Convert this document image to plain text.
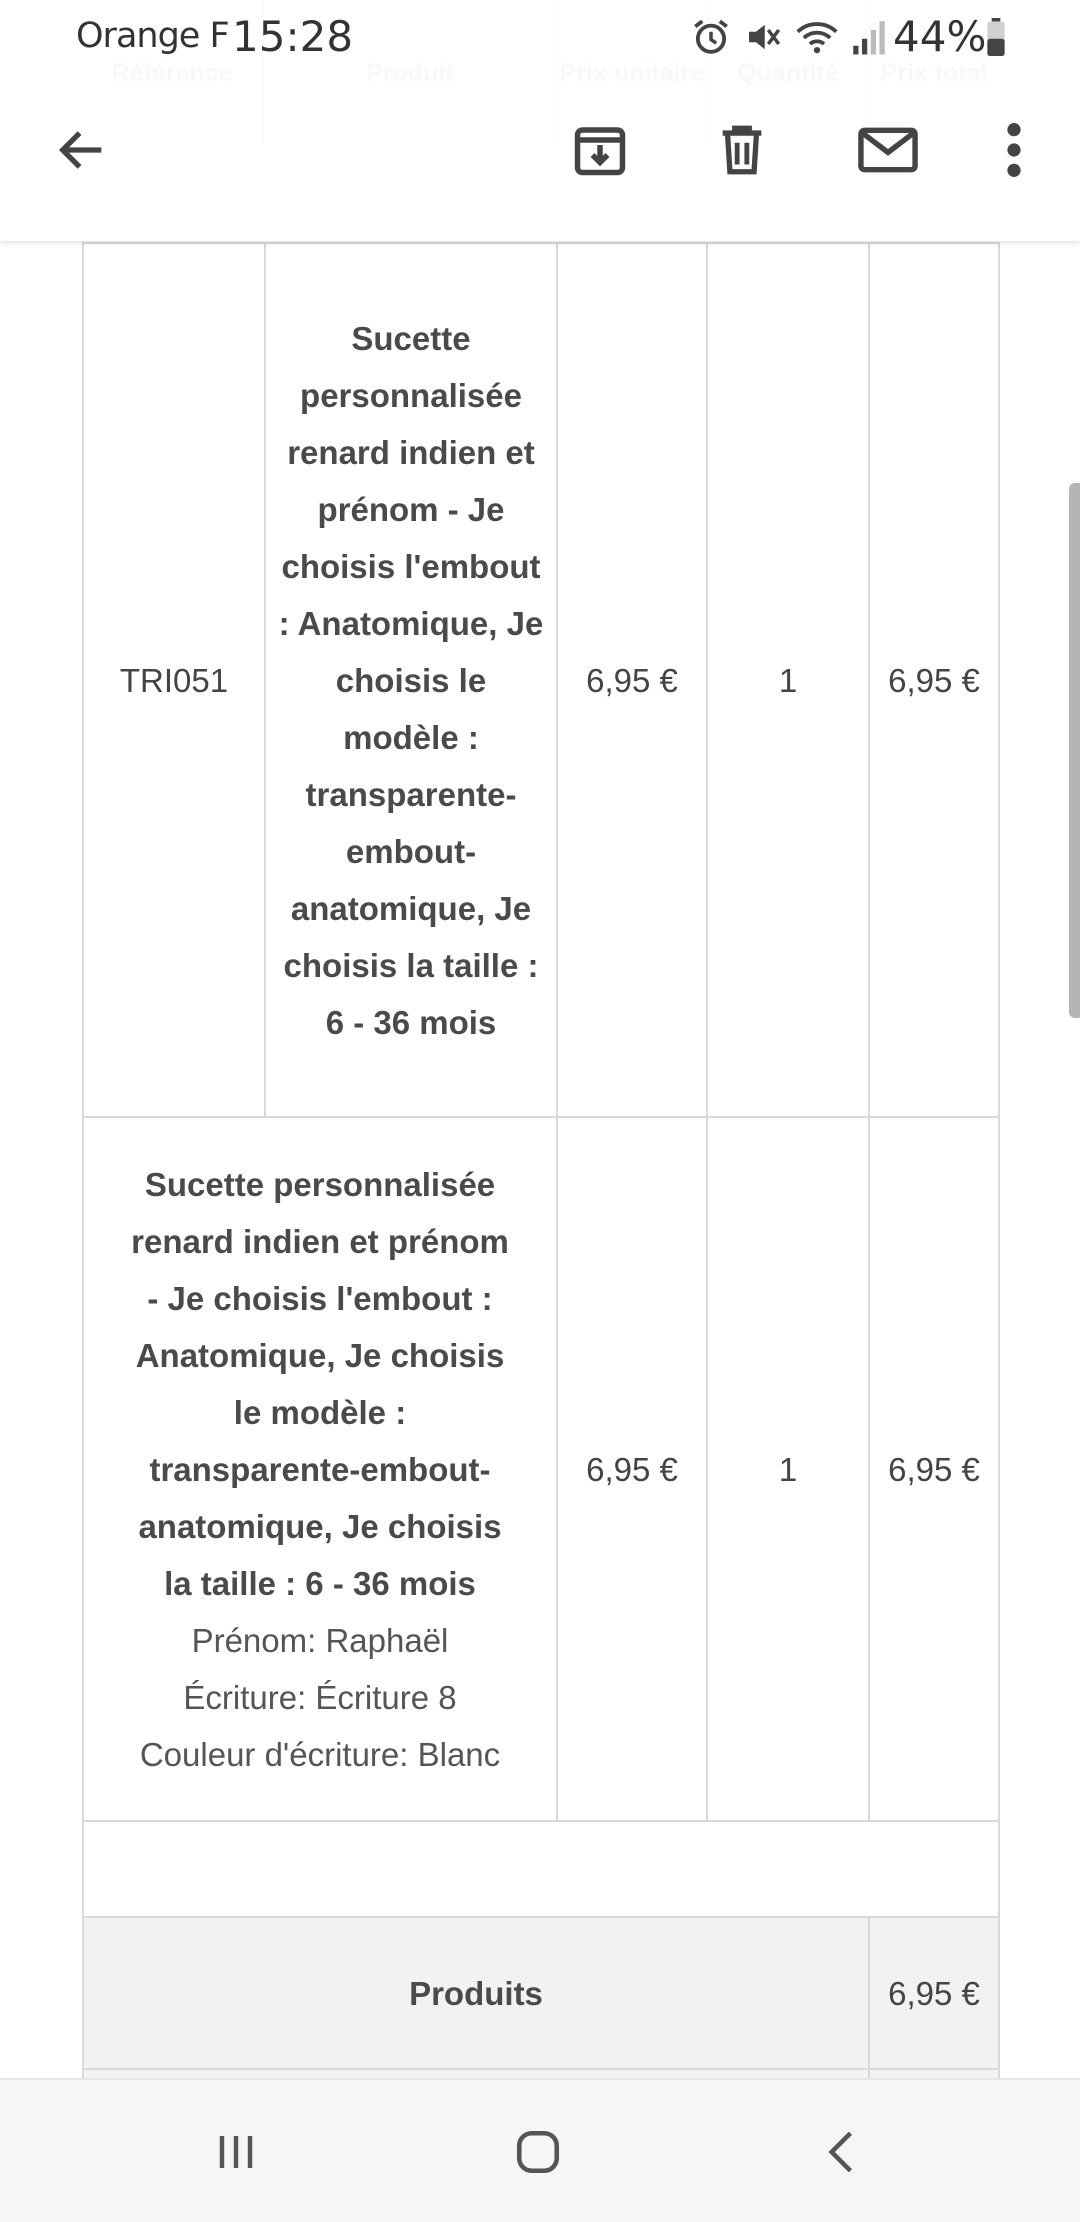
TRI051	Sucette personnalisée renard indien et prénom - Je choisis l'embout : Anatomique, Je choisis le modèle : transparente-embout-anatomique, Je choisis la taille : 6 - 36 mois	6,95 €	1	6,95 €

Sucette personnalisée renard indien et prénom - Je choisis l'embout : Anatomique, Je choisis le modèle : transparente-embout-anatomique, Je choisis la taille : 6 - 36 mois
Prénom: Raphaël
Écriture: Écriture 8
Couleur d'écriture: Blanc		6,95 €	1	6,95 €

Produits				6,95 €

Orange F 15:28	44%
